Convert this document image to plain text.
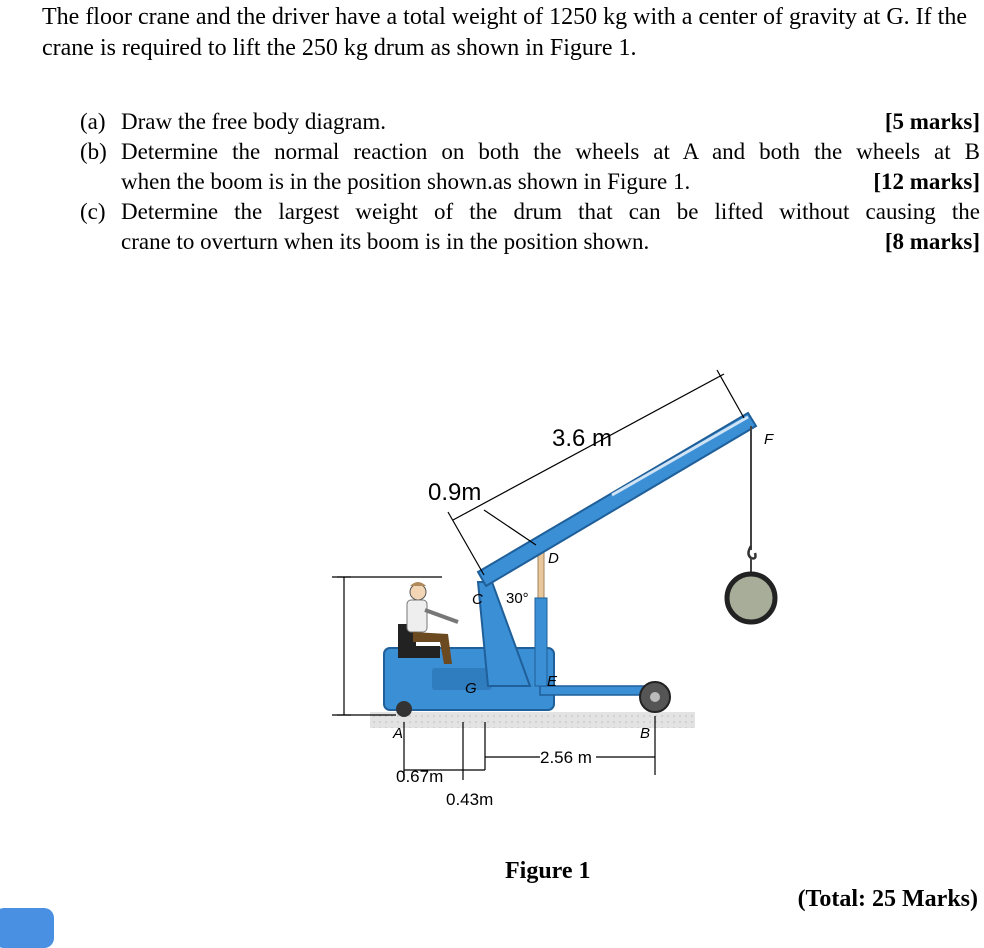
The floor crane and the driver have a total weight of 1250 kg with a center of gravity at G. If the crane is required to lift the 250 kg drum as shown in Figure 1.
(a) Draw the free body diagram.	[5 marks]
(b) Determine the normal reaction on both the wheels at A and both the wheels at B
when the boom is in the position shown.as shown in Figure 1.	[12 marks]
(c) Determine the largest weight of the drum that can be lifted without causing the
crane to overturn when its boom is in the position shown.	[8 marks]
3.6 m
0.9m
30°
A	B
C
D
E
F
G
2.56 m
0.67m
0.43m
Figure 1
(Total: 25 Marks)
